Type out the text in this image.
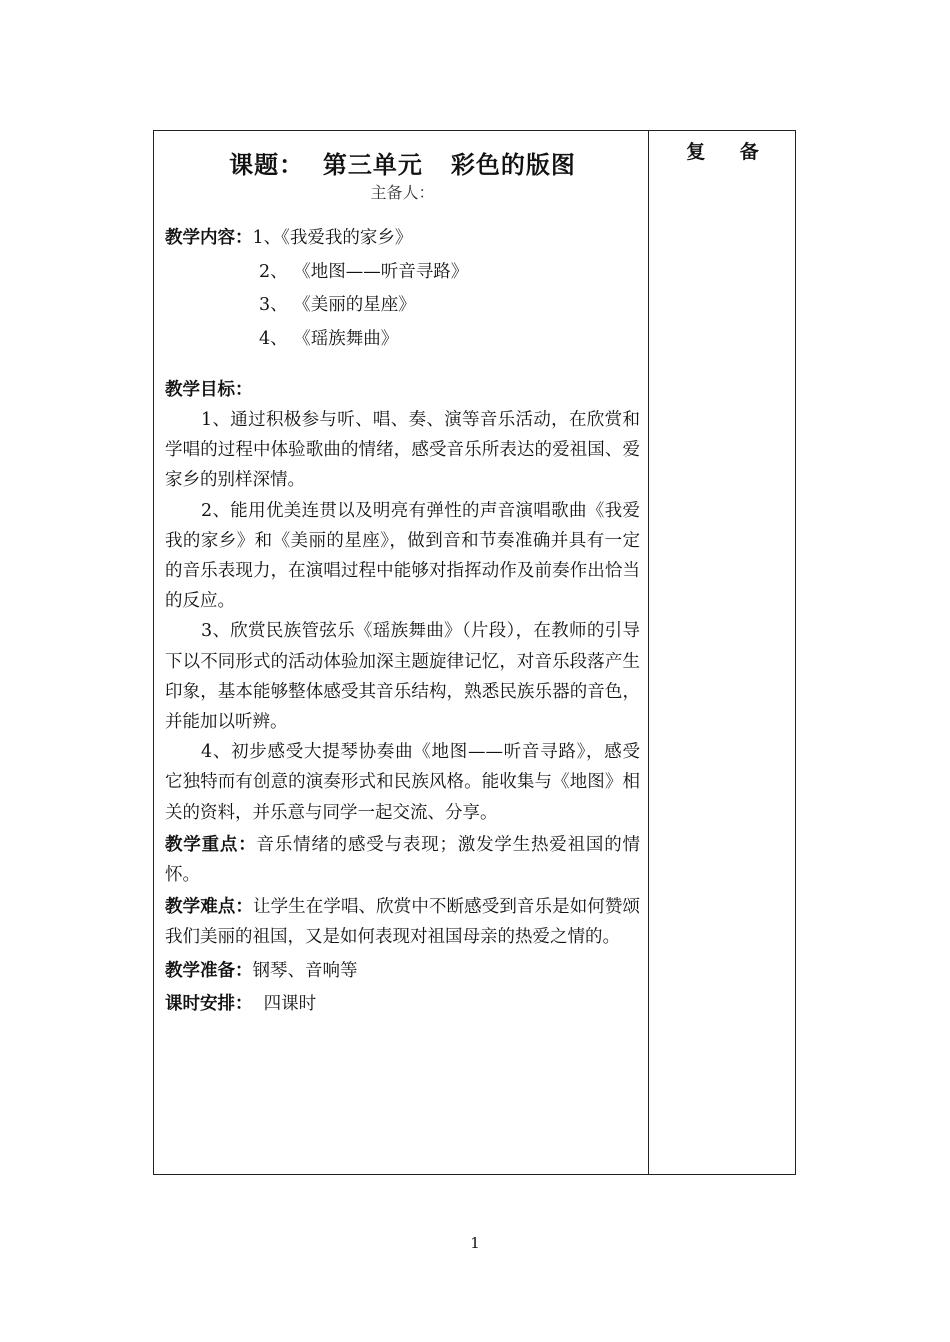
复 备
课题：  第三单元   彩色的版图
主备人：
教学内容：1、《我爱我的家乡》
2、 《地图——听音寻路》
3、 《美丽的星座》
4、 《瑶族舞曲》
教学目标：
1、通过积极参与听、唱、奏、演等音乐活动，在欣赏和学唱的过程中体验歌曲的情绪，感受音乐所表达的爱祖国、爱家乡的别样深情。
2、能用优美连贯以及明亮有弹性的声音演唱歌曲《我爱我的家乡》和《美丽的星座》，做到音和节奏准确并具有一定的音乐表现力，在演唱过程中能够对指挥动作及前奏作出恰当的反应。
3、欣赏民族管弦乐《瑶族舞曲》（片段），在教师的引导下以不同形式的活动体验加深主题旋律记忆，对音乐段落产生印象，基本能够整体感受其音乐结构，熟悉民族乐器的音色，并能加以听辨。
4、初步感受大提琴协奏曲《地图——听音寻路》，感受它独特而有创意的演奏形式和民族风格。能收集与《地图》相关的资料，并乐意与同学一起交流、分享。
教学重点：音乐情绪的感受与表现；激发学生热爱祖国的情怀。
教学难点：让学生在学唱、欣赏中不断感受到音乐是如何赞颂我们美丽的祖国，又是如何表现对祖国母亲的热爱之情的。
教学准备：钢琴、音响等
课时安排：  四课时
1
